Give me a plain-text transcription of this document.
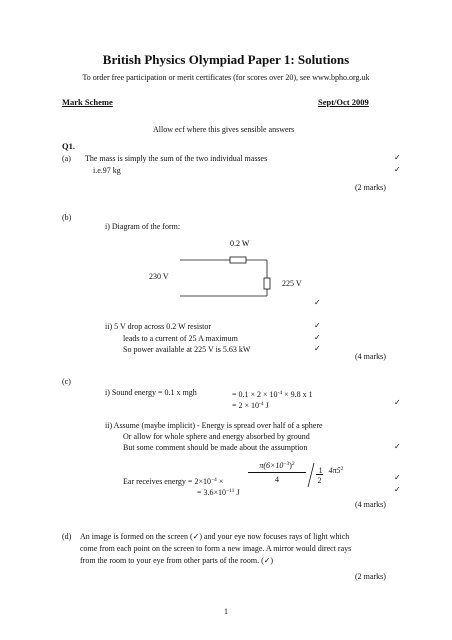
British Physics Olympiad Paper 1: Solutions
To order free participation or merit certificates (for scores over 20), see www.bpho.org.uk
Mark Scheme	Sept/Oct 2009
Allow ecf where this gives sensible answers
Q1.
(a) The mass is simply the sum of the two individual masses	✓
i.e.97 kg	✓
(2 marks)
(b)
i) Diagram of the form:
0.2 W
230 V
225 V
✓
ii) 5 V drop across 0.2 W resistor	✓
leads to a current of 25 A maximum	✓
So power available at 225 V is 5.63 kW	✓
(4 marks)
(c)
i) Sound energy = 0.1 x mgh	= $0.1 \times 2 \times 10^{-4} \times 9.8$ x 1
= $2 \times 10^{-4}$ J	✓
ii) Assume (maybe implicit) - Energy is spread over half of a sphere
Or allow for whole sphere and energy absorbed by ground
But some comment should be made about the assumption	✓
Ear receives energy = $2\times 10^{-4}$ ×
$\pi(6\times 10^{-3})^2$
4
1 $4\pi 5^2$
2	✓
= $3.6\times 10^{-11}$ J	✓
(4 marks)
(d) An image is formed on the screen (✓) and your eye now focuses rays of light which
come from each point on the screen to form a new image. A mirror would direct rays
from the room to your eye from other parts of the room. (✓)
(2 marks)
1
